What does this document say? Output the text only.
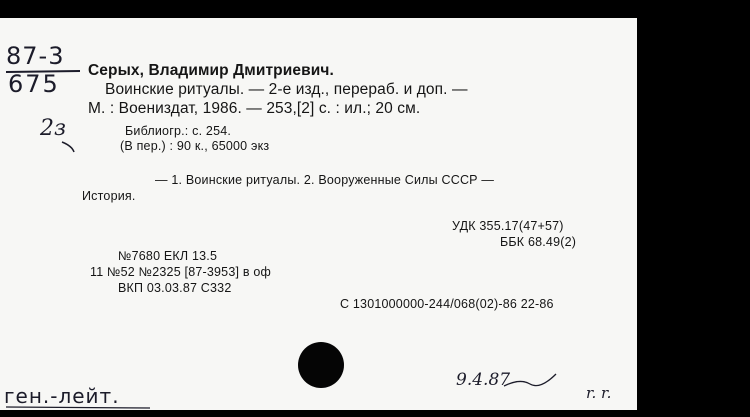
87-3
675
2з
Серых, Владимир Дмитриевич.
Воинские ритуалы. — 2-е изд., перераб. и доп. —
М. : Воениздат, 1986. — 253,[2] с. : ил.; 20 см.
Библиогр.: с. 254.
(В пер.) : 90 к., 65000 экз
— 1. Воинские ритуалы. 2. Вооруженные Силы СССР —
История.
УДК 355.17(47+57)
ББК 68.49(2)
№7680 ЕКЛ 13.5
11 №52 №2325 [87-3953] в оф
ВКП 03.03.87 С332
С 1301000000-244/068(02)-86 22-86
ген.-лейт.
9.4.87
r. r.
